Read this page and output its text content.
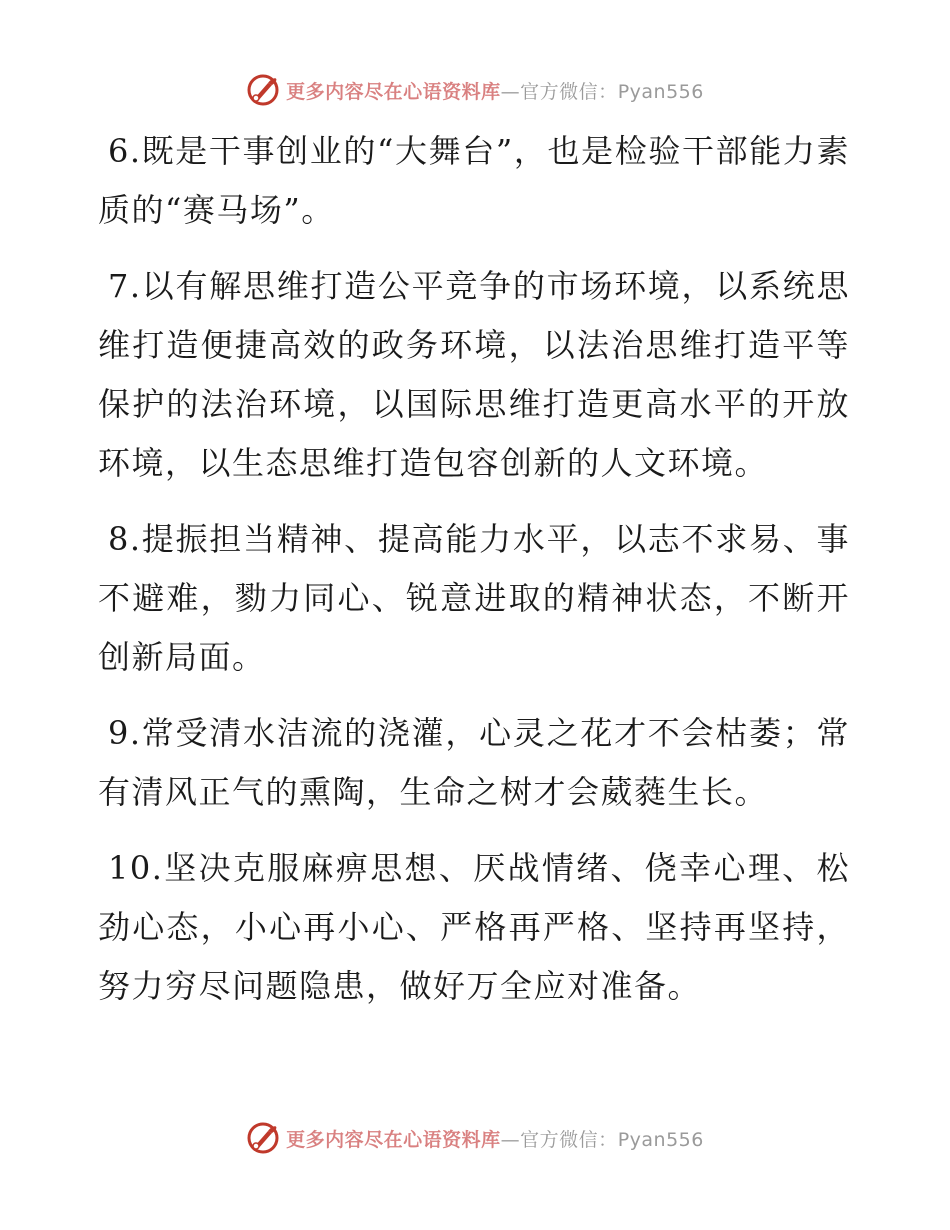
更多内容尽在心语资料库—官方微信：Pyan556

6.既是干事创业的“大舞台”，也是检验干部能力素质的“赛马场”。

7.以有解思维打造公平竞争的市场环境，以系统思维打造便捷高效的政务环境，以法治思维打造平等保护的法治环境，以国际思维打造更高水平的开放环境，以生态思维打造包容创新的人文环境。

8.提振担当精神、提高能力水平，以志不求易、事不避难，勠力同心、锐意进取的精神状态，不断开创新局面。

9.常受清水洁流的浇灌，心灵之花才不会枯萎；常有清风正气的熏陶，生命之树才会葳蕤生长。

10.坚决克服麻痹思想、厌战情绪、侥幸心理、松劲心态，小心再小心、严格再严格、坚持再坚持，努力穷尽问题隐患，做好万全应对准备。

更多内容尽在心语资料库—官方微信：Pyan556
